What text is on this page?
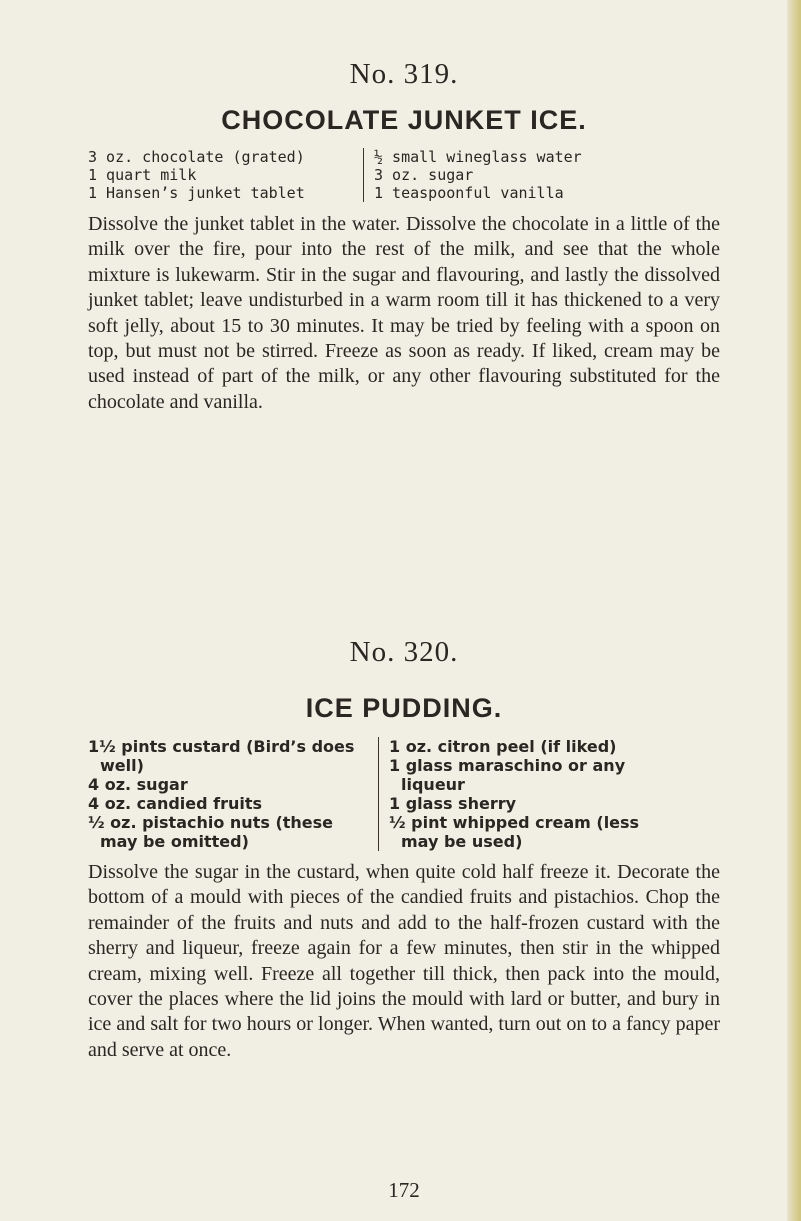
No. 319.
CHOCOLATE JUNKET ICE.
3 oz. chocolate (grated)
1 quart milk
1 Hansen’s junket tablet
½ small wineglass water
3 oz. sugar
1 teaspoonful vanilla

Dissolve the junket tablet in the water. Dissolve the chocolate in a little of the milk over the fire, pour into the rest of the milk, and see that the whole mixture is lukewarm. Stir in the sugar and flavouring, and lastly the dissolved junket tablet; leave undisturbed in a warm room till it has thickened to a very soft jelly, about 15 to 30 minutes. It may be tried by feeling with a spoon on top, but must not be stirred. Freeze as soon as ready. If liked, cream may be used instead of part of the milk, or any other flavouring substituted for the chocolate and vanilla.

No. 320.
ICE PUDDING.
1½ pints custard (Bird’s does
well)
4 oz. sugar
4 oz. candied fruits
½ oz. pistachio nuts (these
may be omitted)
1 oz. citron peel (if liked)
1 glass maraschino or any
liqueur
1 glass sherry
½ pint whipped cream (less
may be used)

Dissolve the sugar in the custard, when quite cold half freeze it. Decorate the bottom of a mould with pieces of the candied fruits and pistachios. Chop the remainder of the fruits and nuts and add to the half-frozen custard with the sherry and liqueur, freeze again for a few minutes, then stir in the whipped cream, mixing well. Freeze all together till thick, then pack into the mould, cover the places where the lid joins the mould with lard or butter, and bury in ice and salt for two hours or longer. When wanted, turn out on to a fancy paper and serve at once.

172
